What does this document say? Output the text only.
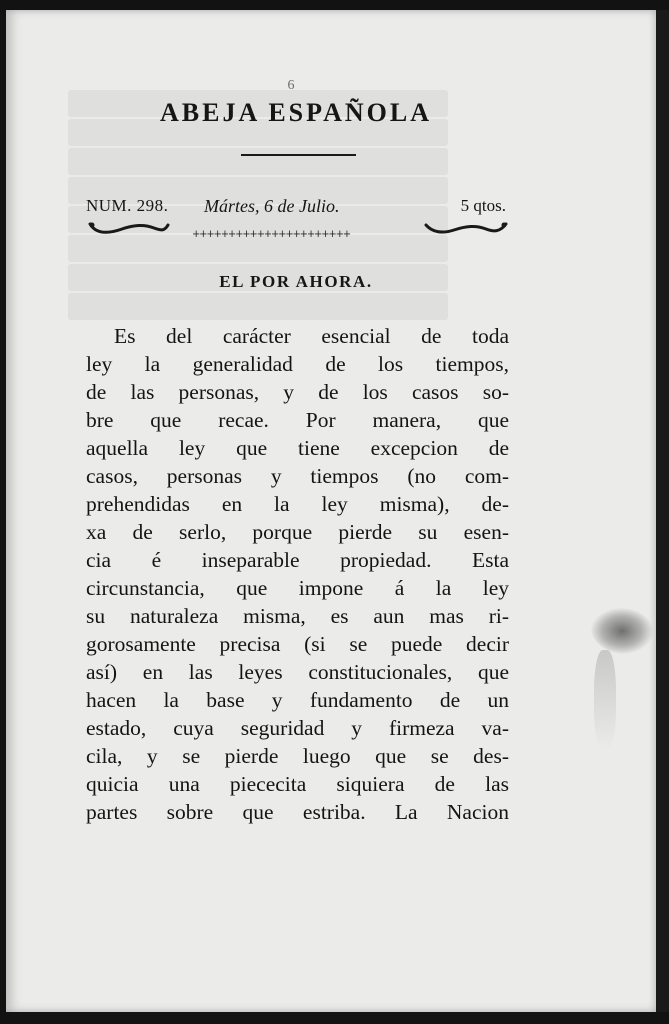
6
ABEJA ESPAÑOLA
NUM. 298. Mártes, 6 de Julio.	5 qtos.
++++++++++++++++++++++
EL POR AHORA.
Es del carácter esencial de toda
ley la generalidad de los tiempos,
de las personas, y de los casos so-
bre que recae. Por manera, que
aquella ley que tiene excepcion de
casos, personas y tiempos (no com-
prehendidas en la ley misma), de-
xa de serlo, porque pierde su esen-
cia é inseparable propiedad. Esta
circunstancia, que impone á la ley
su naturaleza misma, es aun mas ri-
gorosamente precisa (si se puede decir
así) en las leyes constitucionales, que
hacen la base y fundamento de un
estado, cuya seguridad y firmeza va-
cila, y se pierde luego que se des-
quicia una piececita siquiera de las
partes sobre que estriba. La Nacion
